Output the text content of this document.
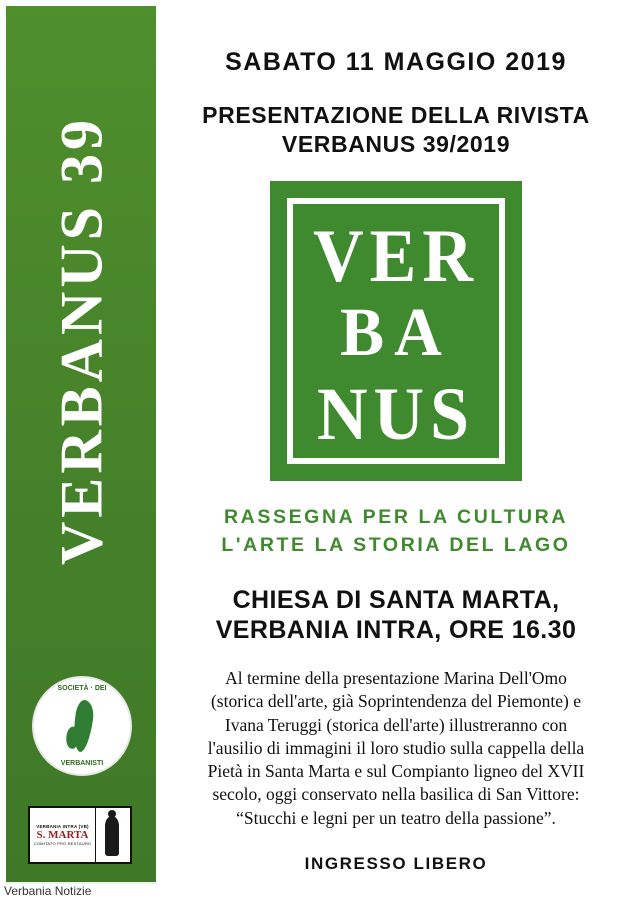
VERBANUS 39
SOCIETÀ · DEI
VERBANISTI
VERBANIA INTRA (VB)
S. MARTA
COMITATO PRO RESTAURO
SABATO 11 MAGGIO 2019
PRESENTAZIONE DELLA RIVISTA
VERBANUS 39/2019
VER
BA
NUS
RASSEGNA PER LA CULTURA
L'ARTE LA STORIA DEL LAGO
CHIESA DI SANTA MARTA,
VERBANIA INTRA, ORE 16.30
Al termine della presentazione Marina Dell'Omo
(storica dell'arte, già Soprintendenza del Piemonte) e
Ivana Teruggi (storica dell'arte) illustreranno con
l'ausilio di immagini il loro studio sulla cappella della
Pietà in Santa Marta e sul Compianto ligneo del XVII
secolo, oggi conservato nella basilica di San Vittore:
“Stucchi e legni per un teatro della passione”.
INGRESSO LIBERO
Verbania Notizie
